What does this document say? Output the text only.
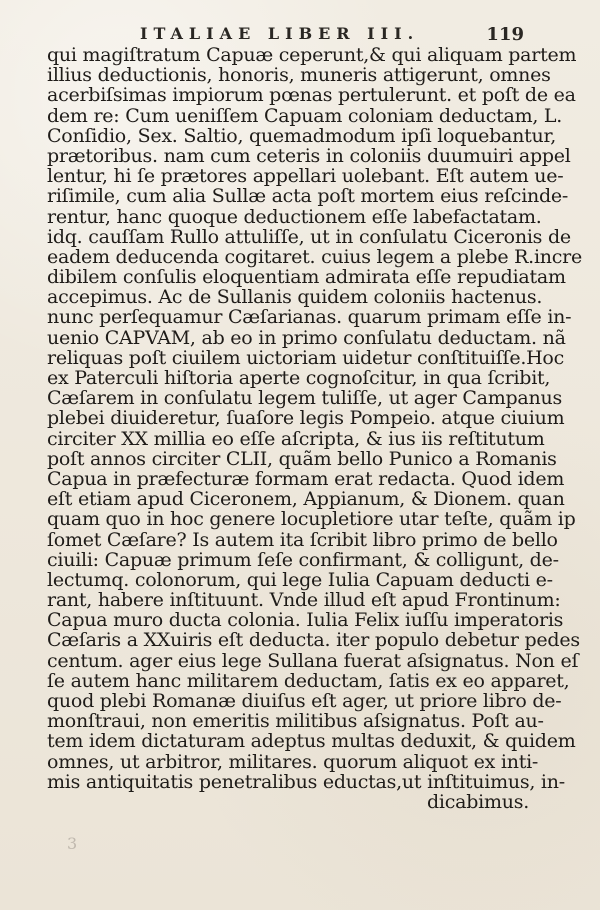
ITALIAE LIBER III.	119
qui magiſtratum Capuæ ceperunt,& qui aliquam partem
illius deductionis, honoris, muneris attigerunt, omnes
acerbiſsimas impiorum pœnas pertulerunt. et poſt de ea
dem re: Cum ueniſſem Capuam coloniam deductam, L.
Conſidio, Sex. Saltio, quemadmodum ipſi loquebantur,
prætoribus. nam cum ceteris in coloniis duumuiri appel
lentur, hi ſe prætores appellari uolebant. Eſt autem ue-
riſimile, cum alia Sullæ acta poſt mortem eius reſcinde-
rentur, hanc quoque deductionem eſſe labefactatam.
idq. cauſſam Rullo attuliſſe, ut in conſulatu Ciceronis de
eadem deducenda cogitaret. cuius legem a plebe R.incre
dibilem conſulis eloquentiam admirata eſſe repudiatam
accepimus. Ac de Sullanis quidem coloniis hactenus.
nunc perſequamur Cæſarianas. quarum primam eſſe in-
uenio CAPVAM, ab eo in primo conſulatu deductam. nã
reliquas poſt ciuilem uictoriam uidetur conſtituiſſe.Hoc
ex Paterculi hiſtoria aperte cognoſcitur, in qua ſcribit,
Cæſarem in conſulatu legem tuliſſe, ut ager Campanus
plebei diuideretur, ſuaſore legis Pompeio. atque ciuium
circiter XX millia eo eſſe aſcripta, & ius iis reſtitutum
poſt annos circiter CLII, quãm bello Punico a Romanis
Capua in præfecturæ formam erat redacta. Quod idem
eſt etiam apud Ciceronem, Appianum, & Dionem. quan
quam quo in hoc genere locupletiore utar teſte, quãm ip
ſomet Cæſare? Is autem ita ſcribit libro primo de bello
ciuili: Capuæ primum ſeſe confirmant, & colligunt, de-
lectumq. colonorum, qui lege Iulia Capuam deducti e-
rant, habere inſtituunt. Vnde illud eſt apud Frontinum:
Capua muro ducta colonia. Iulia Felix iuſſu imperatoris
Cæſaris a XXuiris eſt deducta. iter populo debetur pedes
centum. ager eius lege Sullana fuerat aſsignatus. Non eſ
ſe autem hanc militarem deductam, ſatis ex eo apparet,
quod plebi Romanæ diuiſus eſt ager, ut priore libro de-
monſtraui, non emeritis militibus aſsignatus. Poſt au-
tem idem dictaturam adeptus multas deduxit, & quidem
omnes, ut arbitror, militares. quorum aliquot ex inti-
mis antiquitatis penetralibus eductas,ut inſtituimus, in-
dicabimus.
3
